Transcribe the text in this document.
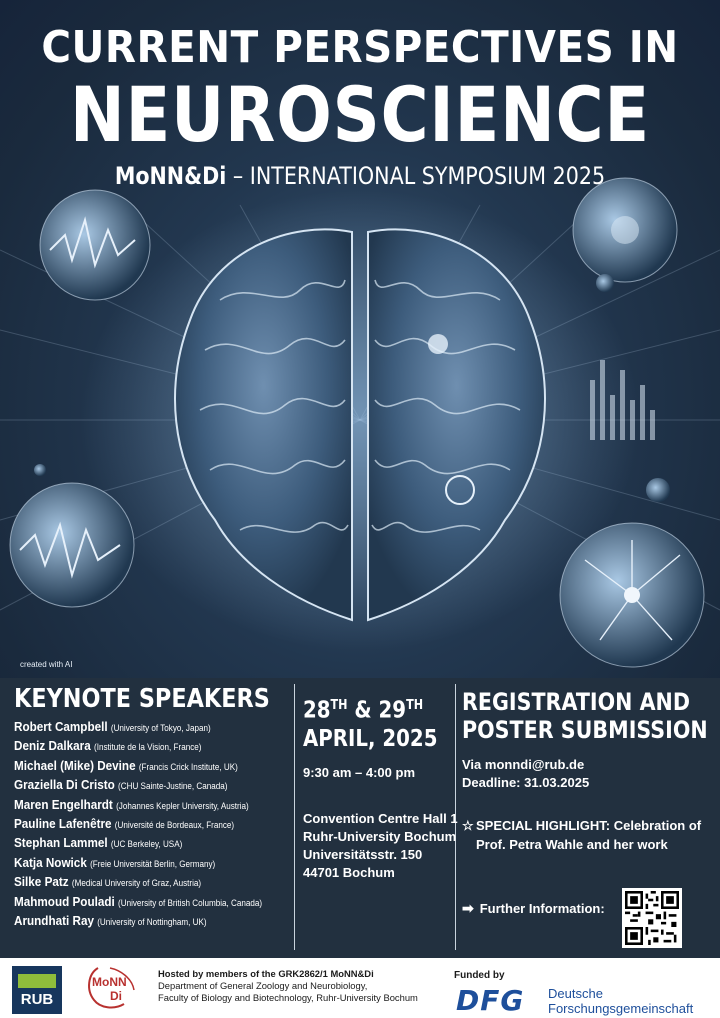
CURRENT PERSPECTIVES IN
NEUROSCIENCE
MoNN&Di – INTERNATIONAL SYMPOSIUM 2025
created with AI
KEYNOTE SPEAKERS
Robert Campbell (University of Tokyo, Japan)
Deniz Dalkara (Institute de la Vision, France)
Michael (Mike) Devine (Francis Crick Institute, UK)
Graziella Di Cristo (CHU Sainte-Justine, Canada)
Maren Engelhardt (Johannes Kepler University, Austria)
Pauline Lafenêtre (Université de Bordeaux, France)
Stephan Lammel (UC Berkeley, USA)
Katja Nowick (Freie Universität Berlin, Germany)
Silke Patz (Medical University of Graz, Austria)
Mahmoud Pouladi (University of British Columbia, Canada)
Arundhati Ray (University of Nottingham, UK)
28TH & 29TH
APRIL, 2025
9:30 am – 4:00 pm
Convention Centre Hall 1
Ruhr-University Bochum
Universitätsstr. 150
44701 Bochum
REGISTRATION AND
POSTER SUBMISSION
Via monndi@rub.de
Deadline: 31.03.2025
☆ SPECIAL HIGHLIGHT: Celebration of
Prof. Petra Wahle and her work
➡ Further Information:
RUB
MoNN
Di
Hosted by members of the GRK2862/1 MoNN&Di
Department of General Zoology and Neurobiology,
Faculty of Biology and Biotechnology, Ruhr-University Bochum
Funded by
DFG Deutsche
Forschungsgemeinschaft
